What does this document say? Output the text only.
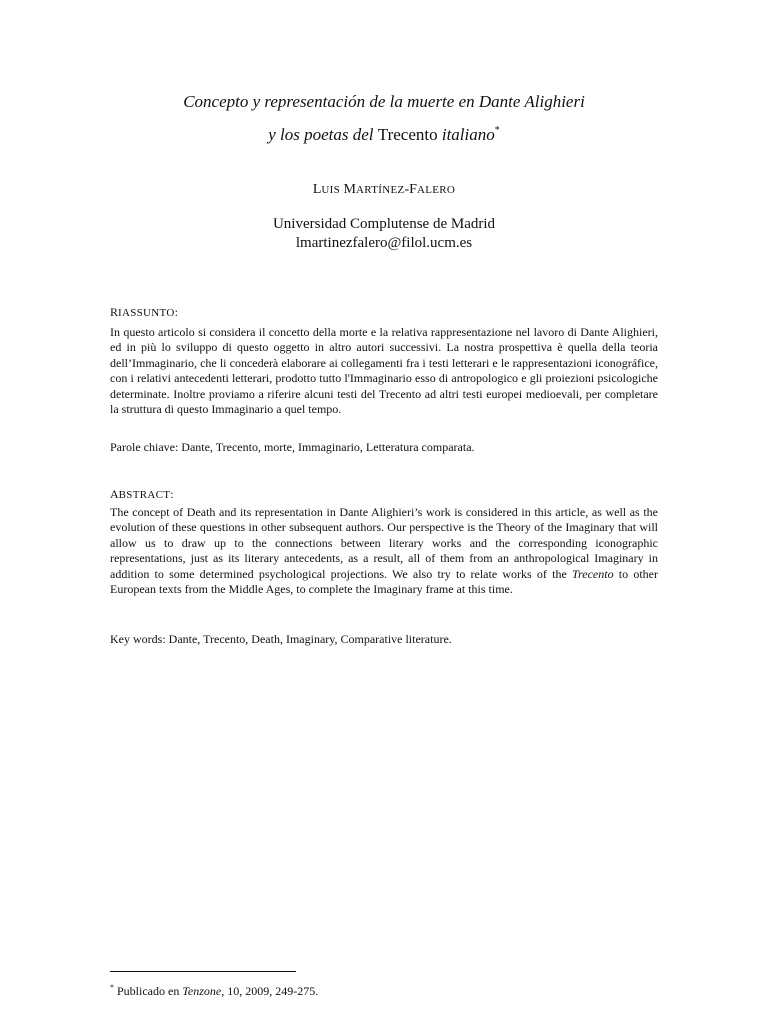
Concepto y representación de la muerte en Dante Alighieri
y los poetas del Trecento italiano*
LUIS MARTÍNEZ-FALERO
Universidad Complutense de Madrid
lmartinezfalero@filol.ucm.es
RIASSUNTO:
In questo articolo si considera il concetto della morte e la relativa rappresentazione nel lavoro di Dante Alighieri, ed in più lo sviluppo di questo oggetto in altro autori successivi. La nostra prospettiva è quella della teoria dell’Immaginario, che li concederà elaborare ai collegamenti fra i testi letterari e le rappresentazioni iconográfice, con i relativi antecedenti letterari, prodotto tutto l'Immaginario esso di antropologico e gli proiezioni psicologiche determinate. Inoltre proviamo a riferire alcuni testi del Trecento ad altri testi europei medioevali, per completare la struttura di questo Immaginario a quel tempo.
Parole chiave: Dante, Trecento, morte, Immaginario, Letteratura comparata.
ABSTRACT:
The concept of Death and its representation in Dante Alighieri’s work is considered in this article, as well as the evolution of these questions in other subsequent authors. Our perspective is the Theory of the Imaginary that will allow us to draw up to the connections between literary works and the corresponding iconographic representations, just as its literary antecedents, as a result, all of them from an anthropological Imaginary in addition to some determined psychological projections. We also try to relate works of the Trecento to other European texts from the Middle Ages, to complete the Imaginary frame at this time.
Key words: Dante, Trecento, Death, Imaginary, Comparative literature.
* Publicado en Tenzone, 10, 2009, 249-275.
